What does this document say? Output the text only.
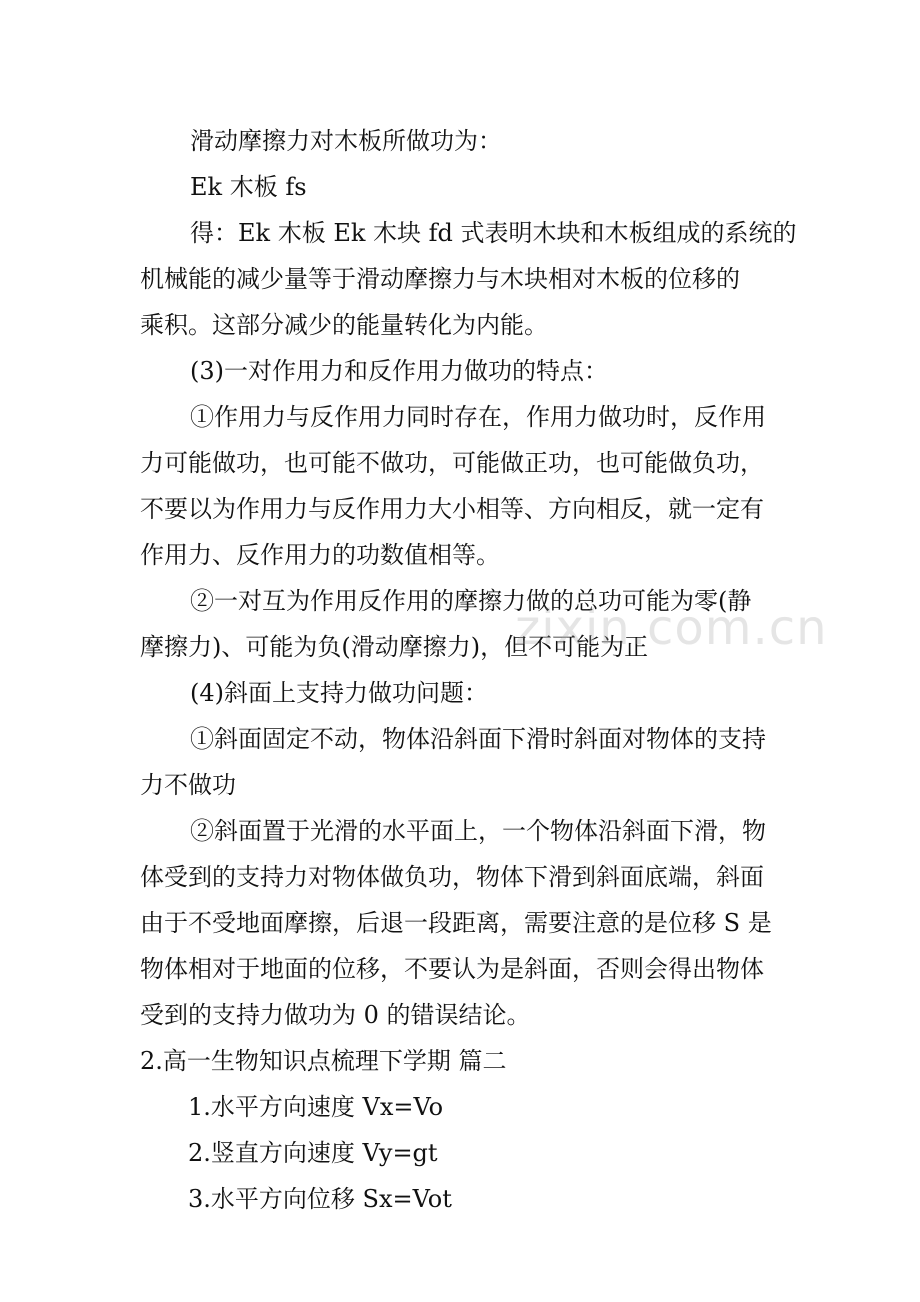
滑动摩擦力对木板所做功为：
Ek 木板 fs
得：Ek 木板 Ek 木块 fd 式表明木块和木板组成的系统的
机械能的减少量等于滑动摩擦力与木块相对木板的位移的
乘积。这部分减少的能量转化为内能。
(3)一对作用力和反作用力做功的特点：
①作用力与反作用力同时存在，作用力做功时，反作用
力可能做功，也可能不做功，可能做正功，也可能做负功，
不要以为作用力与反作用力大小相等、方向相反，就一定有
作用力、反作用力的功数值相等。
②一对互为作用反作用的摩擦力做的总功可能为零(静
摩擦力)、可能为负(滑动摩擦力)，但不可能为正
(4)斜面上支持力做功问题：
①斜面固定不动，物体沿斜面下滑时斜面对物体的支持
力不做功
②斜面置于光滑的水平面上，一个物体沿斜面下滑，物
体受到的支持力对物体做负功，物体下滑到斜面底端，斜面
由于不受地面摩擦，后退一段距离，需要注意的是位移 S 是
物体相对于地面的位移，不要认为是斜面，否则会得出物体
受到的支持力做功为 0 的错误结论。
2.高一生物知识点梳理下学期 篇二
1.水平方向速度 Vx=Vo
2.竖直方向速度 Vy=gt
3.水平方向位移 Sx=Vot
zixin.com.cn
